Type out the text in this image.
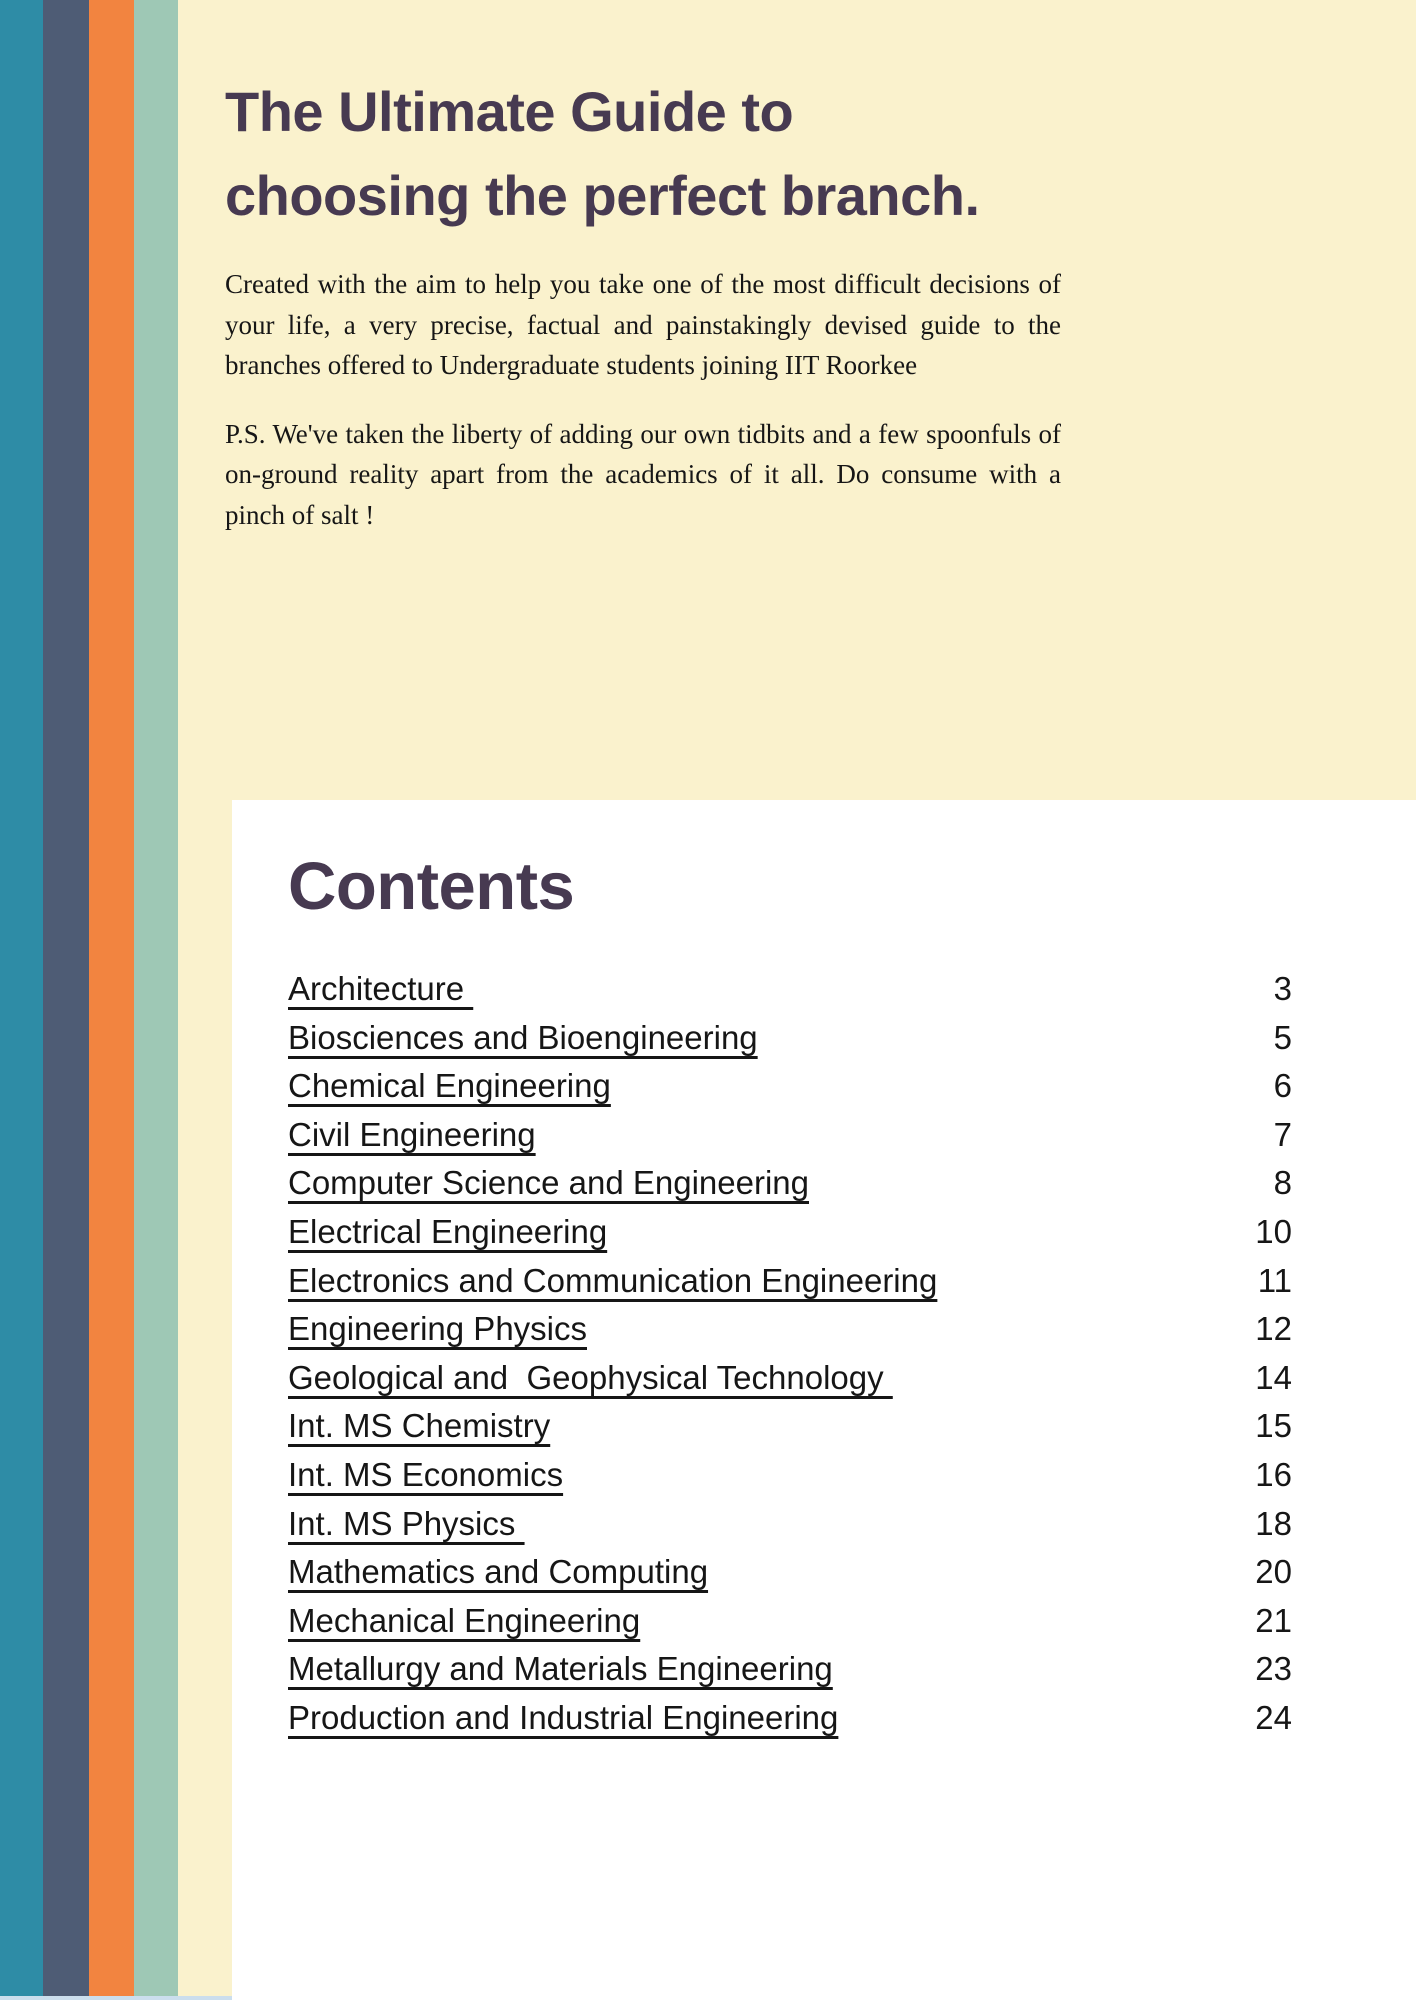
The Ultimate Guide to
choosing the perfect branch.

Created with the aim to help you take one of the most difficult decisions of your life, a very precise, factual and painstakingly devised guide to the branches offered to Undergraduate students joining IIT Roorkee

P.S. We've taken the liberty of adding our own tidbits and a few spoonfuls of on-ground reality apart from the academics of it all. Do consume with a pinch of salt !

Contents
Architecture	3
Biosciences and Bioengineering	5
Chemical Engineering	6
Civil Engineering	7
Computer Science and Engineering	8
Electrical Engineering	10
Electronics and Communication Engineering	11
Engineering Physics	12
Geological and  Geophysical Technology	14
Int. MS Chemistry	15
Int. MS Economics	16
Int. MS Physics	18
Mathematics and Computing	20
Mechanical Engineering	21
Metallurgy and Materials Engineering	23
Production and Industrial Engineering	24
